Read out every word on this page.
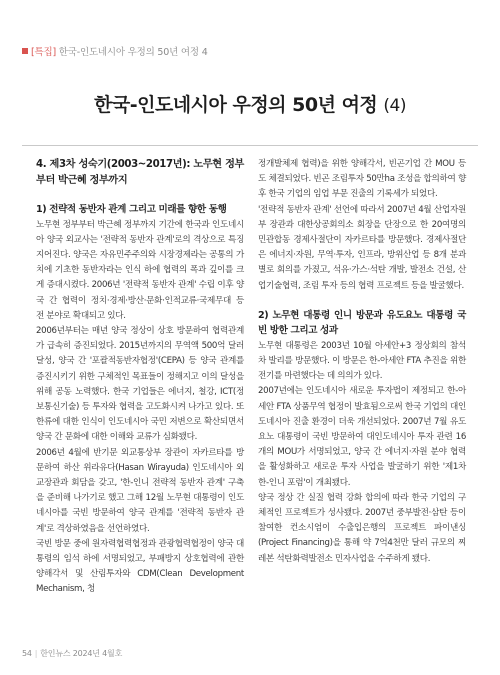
[특집] 한국-인도네시아 우정의 50년 여정 4
한국-인도네시아 우정의 50년 여정 (4)
4. 제3차 성숙기(2003~2017년): 노무현 정부부터 박근혜 정부까지
1) 전략적 동반자 관계 그리고 미래를 향한 동행

노무현 정부부터 박근혜 정부까지 기간에 한국과 인도네시아 양국 외교사는 '전략적 동반자 관계'로의 격상으로 특징지어진다. 양국은 자유민주주의와 시장경제라는 공통의 가치에 기초한 동반자라는 인식 하에 협력의 폭과 깊이를 크게 증대시켰다. 2006년 '전략적 동반자 관계' 수립 이후 양국 간 협력이 정치·경제·방산·문화·인적교류·국제무대 등 전 분야로 확대되고 있다.

2006년부터는 매년 양국 정상이 상호 방문하여 협력관계가 급속히 증진되었다. 2015년까지의 무역액 500억 달러 달성, 양국 간 '포괄적동반자협정'(CEPA) 등 양국 관계를 증진시키기 위한 구체적인 목표들이 정해지고 이의 달성을 위해 공동 노력했다. 한국 기업들은 에너지, 철강, ICT(정보통신기술) 등 투자와 협력을 고도화시켜 나가고 있다. 또 한류에 대한 인식이 인도네시아 국민 저변으로 확산되면서 양국 간 문화에 대한 이해와 교류가 심화됐다.

2006년 4월에 반기문 외교통상부 장관이 자카르타를 방문하여 하산 위라유다(Hasan Wirayuda) 인도네시아 외교장관과 회담을 갖고, '한-인니 전략적 동반자 관계' 구축을 준비해 나가기로 했고 그해 12월 노무현 대통령이 인도네시아를 국빈 방문하여 양국 관계를 '전략적 동반자 관계'로 격상하였음을 선언하였다.

국빈 방문 중에 원자력협력협정과 관광협력협정이 양국 대통령의 임석 하에 서명되었고, 부패방지 상호협력에 관한 양해각서 및 산림투자와 CDM(Clean Development Mechanism, 청

정개발체제 협력)을 위한 양해각서, 빈곤기업 간 MOU 등도 체결되었다. 빈곤 조림투자 50만ha 조성을 합의하여 향후 한국 기업의 임업 부문 진출의 기록세가 되었다.

'전략적 동반자 관계' 선언에 따라서 2007년 4월 산업자원부 장관과 대한상공회의소 회장을 단장으로 한 20여명의 민관합동 경제사절단이 자카르타를 방문했다. 경제사절단은 에너지·자원, 무역·투자, 인프라, 방위산업 등 8개 분과별로 회의를 가졌고, 석유·가스·석탄 개발, 발전소 건설, 산업기술협력, 조림 투자 등의 협력 프로젝트 등을 발굴했다.

2) 노무현 대통령 인니 방문과 유도요노 대통령 국빈 방한 그리고 성과

노무현 대통령은 2003년 10월 아세안+3 정상회의 참석차 발리를 방문했다. 이 방문은 한-아세안 FTA 추진을 위한 전기를 마련했다는 데 의의가 있다.

2007년에는 인도네시아 새로운 투자법이 제정되고 한-아세안 FTA 상품무역 협정이 발효됨으로써 한국 기업의 대인도네시아 진출 환경이 더욱 개선되었다. 2007년 7월 유도요노 대통령이 국빈 방문하여 대인도네시아 투자 관련 16개의 MOU가 서명되었고, 양국 간 에너지·자원 분야 협력을 활성화하고 새로운 투자 사업을 발굴하기 위한 '제1차 한-인니 포럼'이 개최됐다.

양국 정상 간 실질 협력 강화 합의에 따라 한국 기업의 구체적인 프로젝트가 성사됐다. 2007년 중부발전·삼탄 등이 참여한 컨소시엄이 수출입은행의 프로젝트 파이낸싱(Project Financing)을 통해 약 7억4천만 달러 규모의 찌레본 석탄화력발전소 민자사업을 수주하게 됐다.

54 | 한인뉴스 2024년 4월호
